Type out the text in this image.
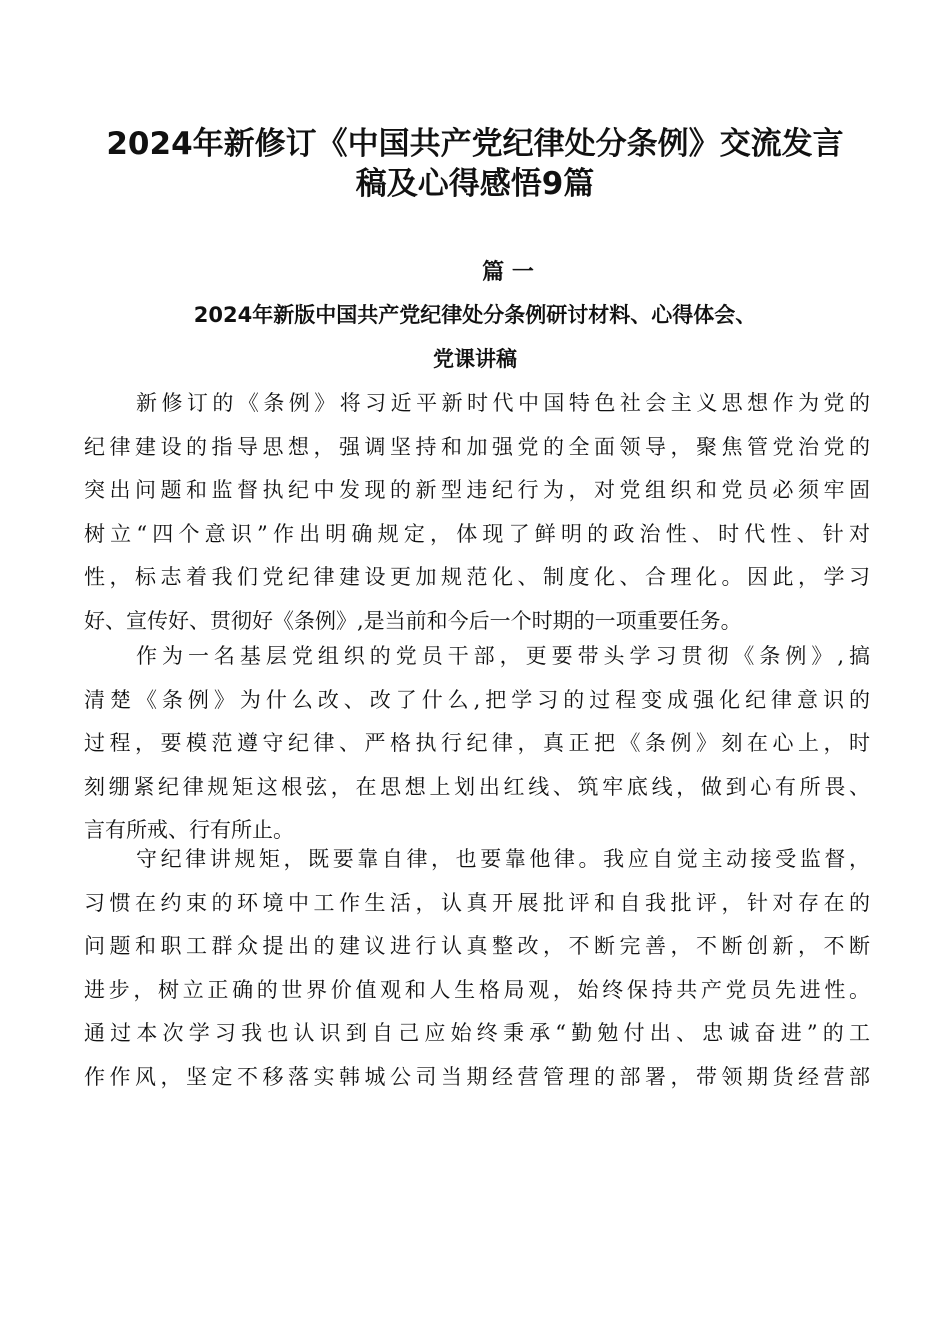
2024年新修订《中国共产党纪律处分条例》交流发言
稿及心得感悟9篇
篇 一
2024年新版中国共产党纪律处分条例研讨材料、心得体会、
党课讲稿

新修订的《条例》将习近平新时代中国特色社会主义思想作为党的
纪律建设的指导思想，强调坚持和加强党的全面领导，聚焦管党治党的
突出问题和监督执纪中发现的新型违纪行为，对党组织和党员必须牢固
树立“四个意识”作出明确规定，体现了鲜明的政治性、时代性、针对
性，标志着我们党纪律建设更加规范化、制度化、合理化。因此，学习
好、宣传好、贯彻好《条例》,是当前和今后一个时期的一项重要任务。

作为一名基层党组织的党员干部，更要带头学习贯彻《条例》,搞
清楚《条例》为什么改、改了什么,把学习的过程变成强化纪律意识的
过程，要模范遵守纪律、严格执行纪律，真正把《条例》刻在心上，时
刻绷紧纪律规矩这根弦，在思想上划出红线、筑牢底线，做到心有所畏、
言有所戒、行有所止。

守纪律讲规矩，既要靠自律，也要靠他律。我应自觉主动接受监督，
习惯在约束的环境中工作生活，认真开展批评和自我批评，针对存在的
问题和职工群众提出的建议进行认真整改，不断完善，不断创新，不断
进步，树立正确的世界价值观和人生格局观，始终保持共产党员先进性。
通过本次学习我也认识到自己应始终秉承“勤勉付出、忠诚奋进”的工
作作风，坚定不移落实韩城公司当期经营管理的部署，带领期货经营部
